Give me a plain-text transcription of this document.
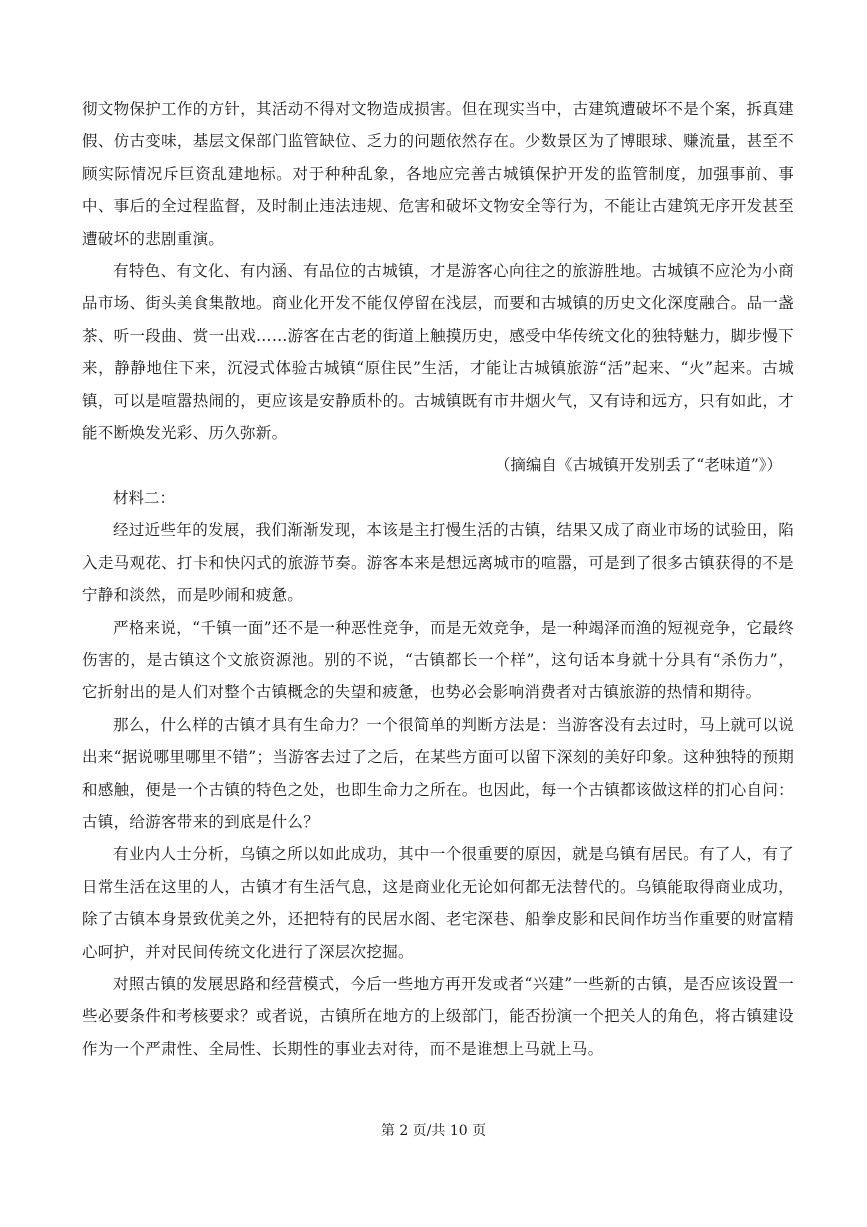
彻文物保护工作的方针，其活动不得对文物造成损害。但在现实当中，古建筑遭破坏不是个案，拆真建假、仿古变味，基层文保部门监管缺位、乏力的问题依然存在。少数景区为了博眼球、赚流量，甚至不顾实际情况斥巨资乱建地标。对于种种乱象，各地应完善古城镇保护开发的监管制度，加强事前、事中、事后的全过程监督，及时制止违法违规、危害和破坏文物安全等行为，不能让古建筑无序开发甚至遭破坏的悲剧重演。

有特色、有文化、有内涵、有品位的古城镇，才是游客心向往之的旅游胜地。古城镇不应沦为小商品市场、街头美食集散地。商业化开发不能仅停留在浅层，而要和古城镇的历史文化深度融合。品一盏茶、听一段曲、赏一出戏……游客在古老的街道上触摸历史，感受中华传统文化的独特魅力，脚步慢下来，静静地住下来，沉浸式体验古城镇“原住民”生活，才能让古城镇旅游“活”起来、“火”起来。古城镇，可以是喧嚣热闹的，更应该是安静质朴的。古城镇既有市井烟火气，又有诗和远方，只有如此，才能不断焕发光彩、历久弥新。

（摘编自《古城镇开发别丢了“老味道”》）

材料二：

经过近些年的发展，我们渐渐发现，本该是主打慢生活的古镇，结果又成了商业市场的试验田，陷入走马观花、打卡和快闪式的旅游节奏。游客本来是想远离城市的喧嚣，可是到了很多古镇获得的不是宁静和淡然，而是吵闹和疲惫。

严格来说，“千镇一面”还不是一种恶性竞争，而是无效竞争，是一种竭泽而渔的短视竞争，它最终伤害的，是古镇这个文旅资源池。别的不说，“古镇都长一个样”，这句话本身就十分具有“杀伤力”，它折射出的是人们对整个古镇概念的失望和疲惫，也势必会影响消费者对古镇旅游的热情和期待。

那么，什么样的古镇才具有生命力？一个很简单的判断方法是：当游客没有去过时，马上就可以说出来“据说哪里哪里不错”；当游客去过了之后，在某些方面可以留下深刻的美好印象。这种独特的预期和感触，便是一个古镇的特色之处，也即生命力之所在。也因此，每一个古镇都该做这样的扪心自问：古镇，给游客带来的到底是什么？

有业内人士分析，乌镇之所以如此成功，其中一个很重要的原因，就是乌镇有居民。有了人，有了日常生活在这里的人，古镇才有生活气息，这是商业化无论如何都无法替代的。乌镇能取得商业成功，除了古镇本身景致优美之外，还把特有的民居水阁、老宅深巷、船拳皮影和民间作坊当作重要的财富精心呵护，并对民间传统文化进行了深层次挖掘。

对照古镇的发展思路和经营模式，今后一些地方再开发或者“兴建”一些新的古镇，是否应该设置一些必要条件和考核要求？或者说，古镇所在地方的上级部门，能否扮演一个把关人的角色，将古镇建设作为一个严肃性、全局性、长期性的事业去对待，而不是谁想上马就上马。

第 2 页/共 10 页
